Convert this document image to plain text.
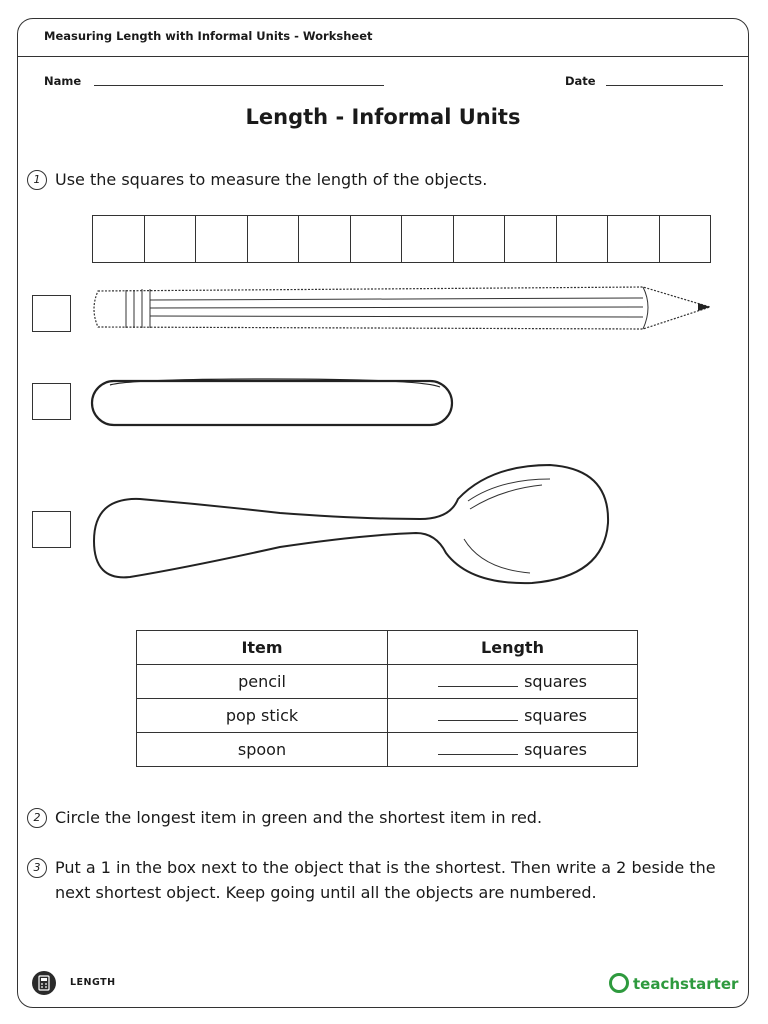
Measuring Length with Informal Units - Worksheet
Name	Date
Length - Informal Units
1 Use the squares to measure the length of the objects.
Item	Length
pencil	squares
pop stick	squares
spoon	squares
2 Circle the longest item in green and the shortest item in red.
3 Put a 1 in the box next to the object that is the shortest. Then write a 2 beside the next shortest object. Keep going until all the objects are numbered.
LENGTH	teachstarter
